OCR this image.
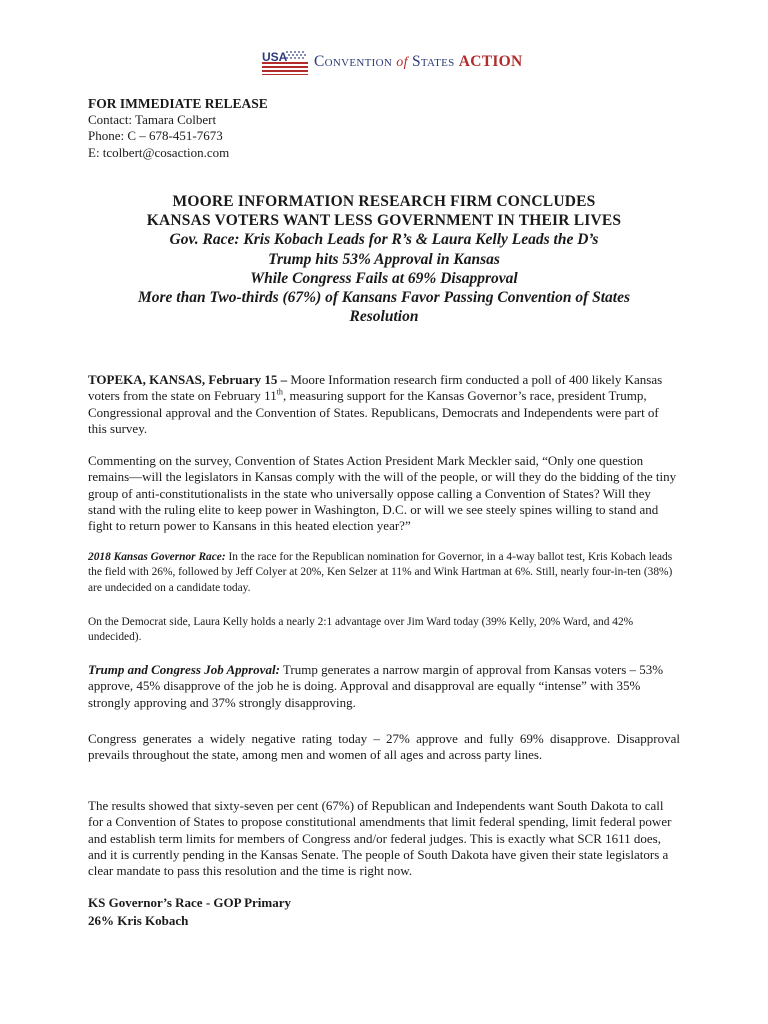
USA Convention of States ACTION
FOR IMMEDIATE RELEASE
Contact: Tamara Colbert
Phone: C – 678-451-7673
E: tcolbert@cosaction.com
MOORE INFORMATION RESEARCH FIRM CONCLUDES
KANSAS VOTERS WANT LESS GOVERNMENT IN THEIR LIVES
Gov. Race: Kris Kobach Leads for R’s & Laura Kelly Leads the D’s
Trump hits 53% Approval in Kansas
While Congress Fails at 69% Disapproval
More than Two-thirds (67%) of Kansans Favor Passing Convention of States
Resolution

TOPEKA, KANSAS, February 15 – Moore Information research firm conducted a poll of 400 likely Kansas voters from the state on February 11th, measuring support for the Kansas Governor’s race, president Trump, Congressional approval and the Convention of States. Republicans, Democrats and Independents were part of this survey.

Commenting on the survey, Convention of States Action President Mark Meckler said, “Only one question remains—will the legislators in Kansas comply with the will of the people, or will they do the bidding of the tiny group of anti-constitutionalists in the state who universally oppose calling a Convention of States? Will they stand with the ruling elite to keep power in Washington, D.C. or will we see steely spines willing to stand and fight to return power to Kansans in this heated election year?”

2018 Kansas Governor Race: In the race for the Republican nomination for Governor, in a 4-way ballot test, Kris Kobach leads the field with 26%, followed by Jeff Colyer at 20%, Ken Selzer at 11% and Wink Hartman at 6%. Still, nearly four-in-ten (38%) are undecided on a candidate today.

On the Democrat side, Laura Kelly holds a nearly 2:1 advantage over Jim Ward today (39% Kelly, 20% Ward, and 42% undecided).

Trump and Congress Job Approval: Trump generates a narrow margin of approval from Kansas voters – 53% approve, 45% disapprove of the job he is doing. Approval and disapproval are equally “intense” with 35% strongly approving and 37% strongly disapproving.

Congress generates a widely negative rating today – 27% approve and fully 69% disapprove. Disapproval prevails throughout the state, among men and women of all ages and across party lines.

The results showed that sixty-seven per cent (67%) of Republican and Independents want South Dakota to call for a Convention of States to propose constitutional amendments that limit federal spending, limit federal power and establish term limits for members of Congress and/or federal judges. This is exactly what SCR 1611 does, and it is currently pending in the Kansas Senate. The people of South Dakota have given their state legislators a clear mandate to pass this resolution and the time is right now.

KS Governor’s Race - GOP Primary
26% Kris Kobach
